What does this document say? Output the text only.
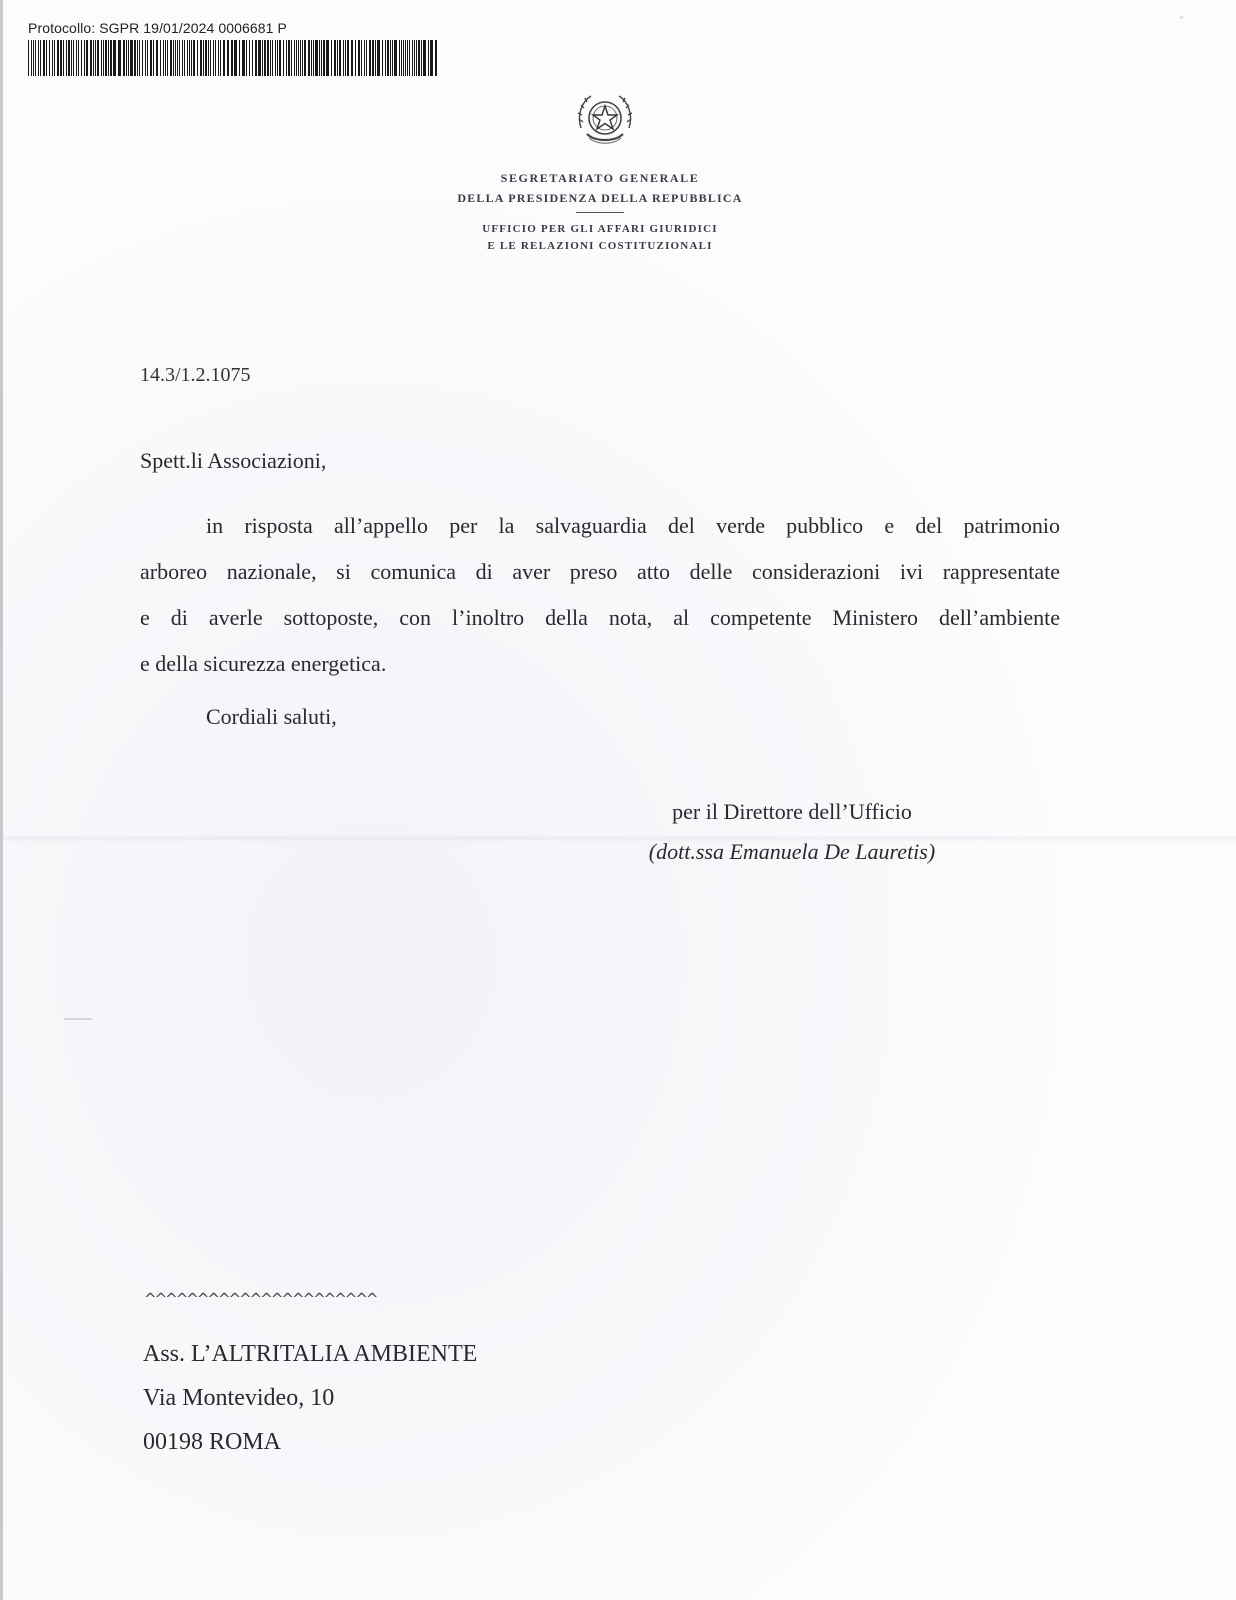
Protocollo: SGPR 19/01/2024 0006681 P
SEGRETARIATO GENERALE
DELLA PRESIDENZA DELLA REPUBBLICA
UFFICIO PER GLI AFFARI GIURIDICI
E LE RELAZIONI COSTITUZIONALI
14.3/1.2.1075
Spett.li Associazioni,
in risposta all’appello per la salvaguardia del verde pubblico e del patrimonio
arboreo nazionale, si comunica di aver preso atto delle considerazioni ivi rappresentate
e di averle sottoposte, con l’inoltro della nota, al competente Ministero dell’ambiente
e della sicurezza energetica.
Cordiali saluti,
per il Direttore dell’Ufficio
(dott.ssa Emanuela De Lauretis)
^^^^^^^^^^^^^^^^^^^^^^
Ass. L’ALTRITALIA AMBIENTE
Via Montevideo, 10
00198 ROMA
